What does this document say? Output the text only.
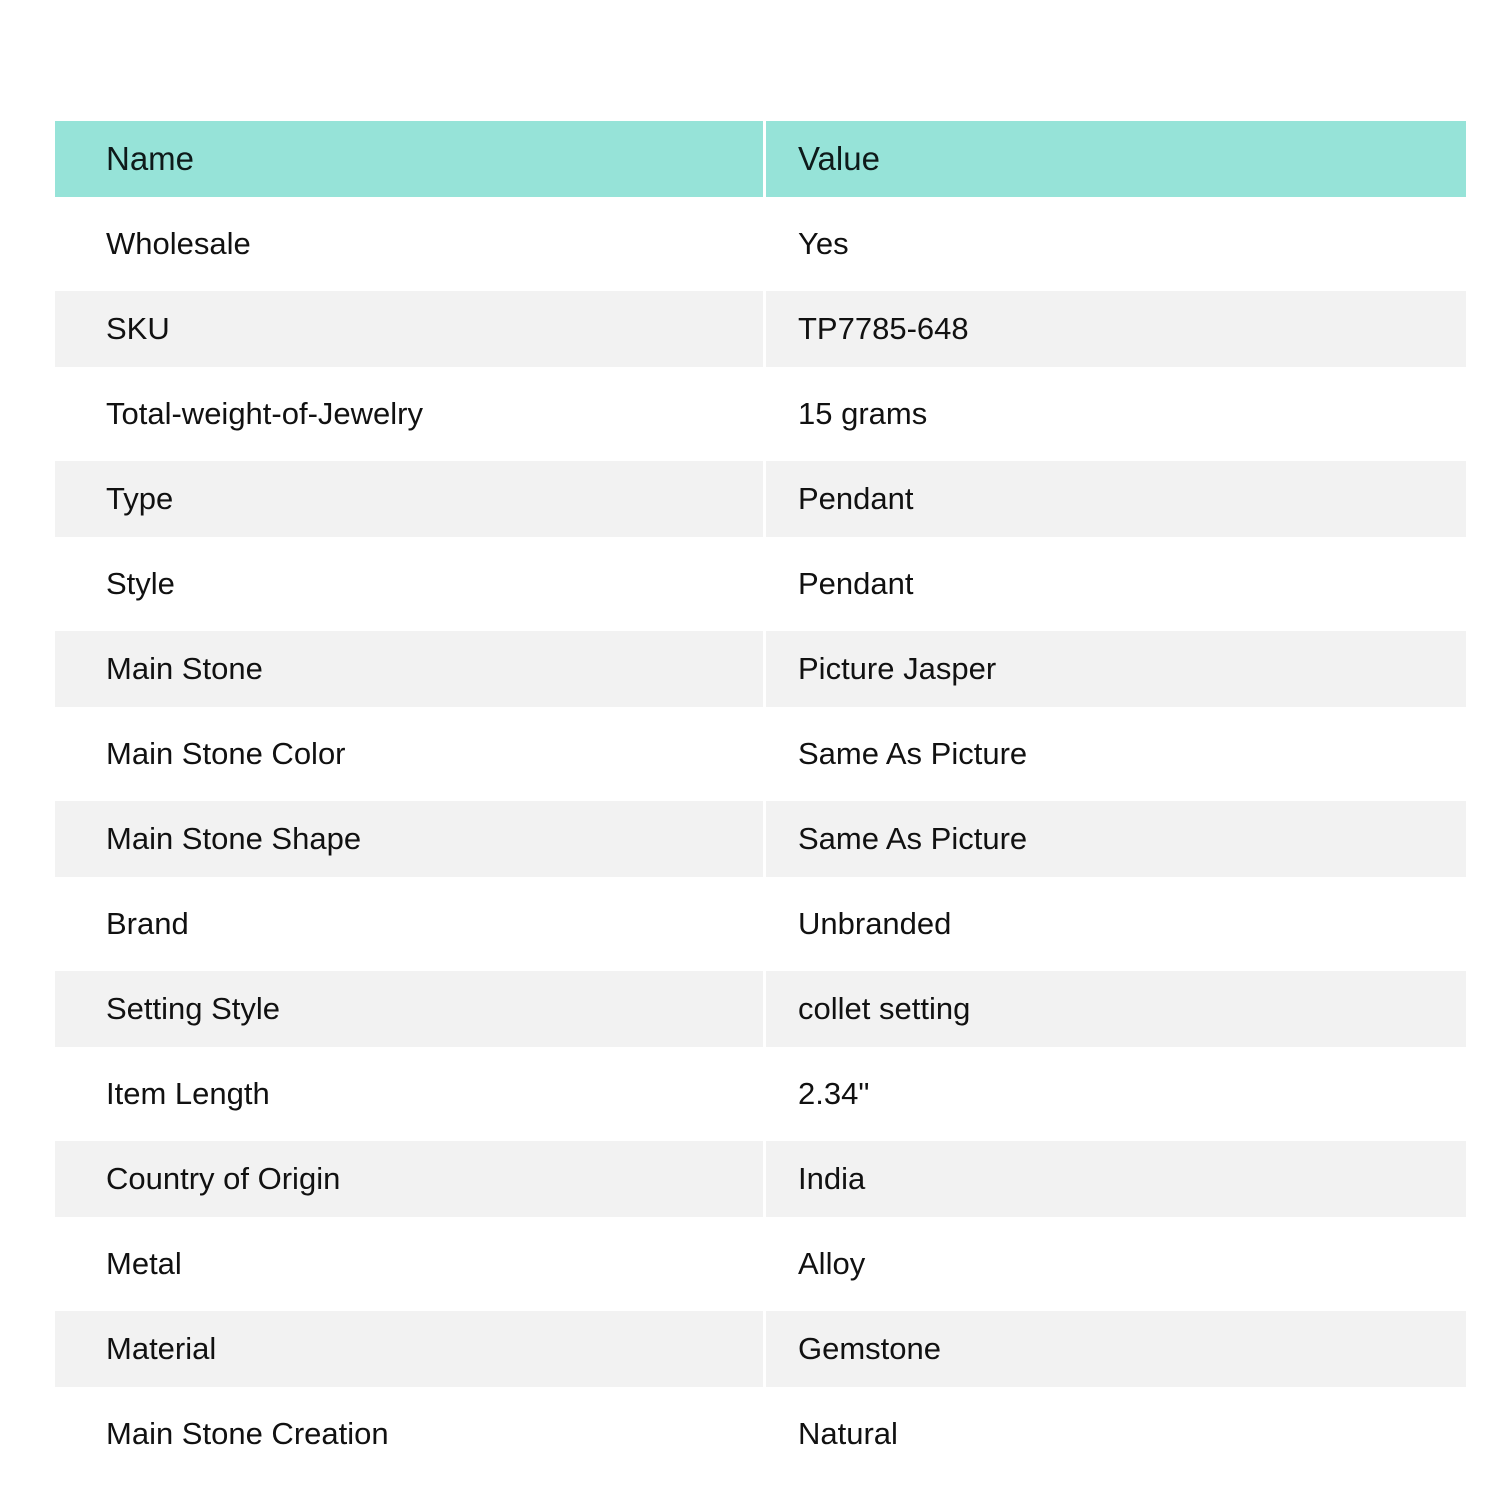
Name	Value
Wholesale	Yes
SKU	TP7785-648
Total-weight-of-Jewelry	15 grams
Type	Pendant
Style	Pendant
Main Stone	Picture Jasper
Main Stone Color	Same As Picture
Main Stone Shape	Same As Picture
Brand	Unbranded
Setting Style	collet setting
Item Length	2.34"
Country of Origin	India
Metal	Alloy
Material	Gemstone
Main Stone Creation	Natural
